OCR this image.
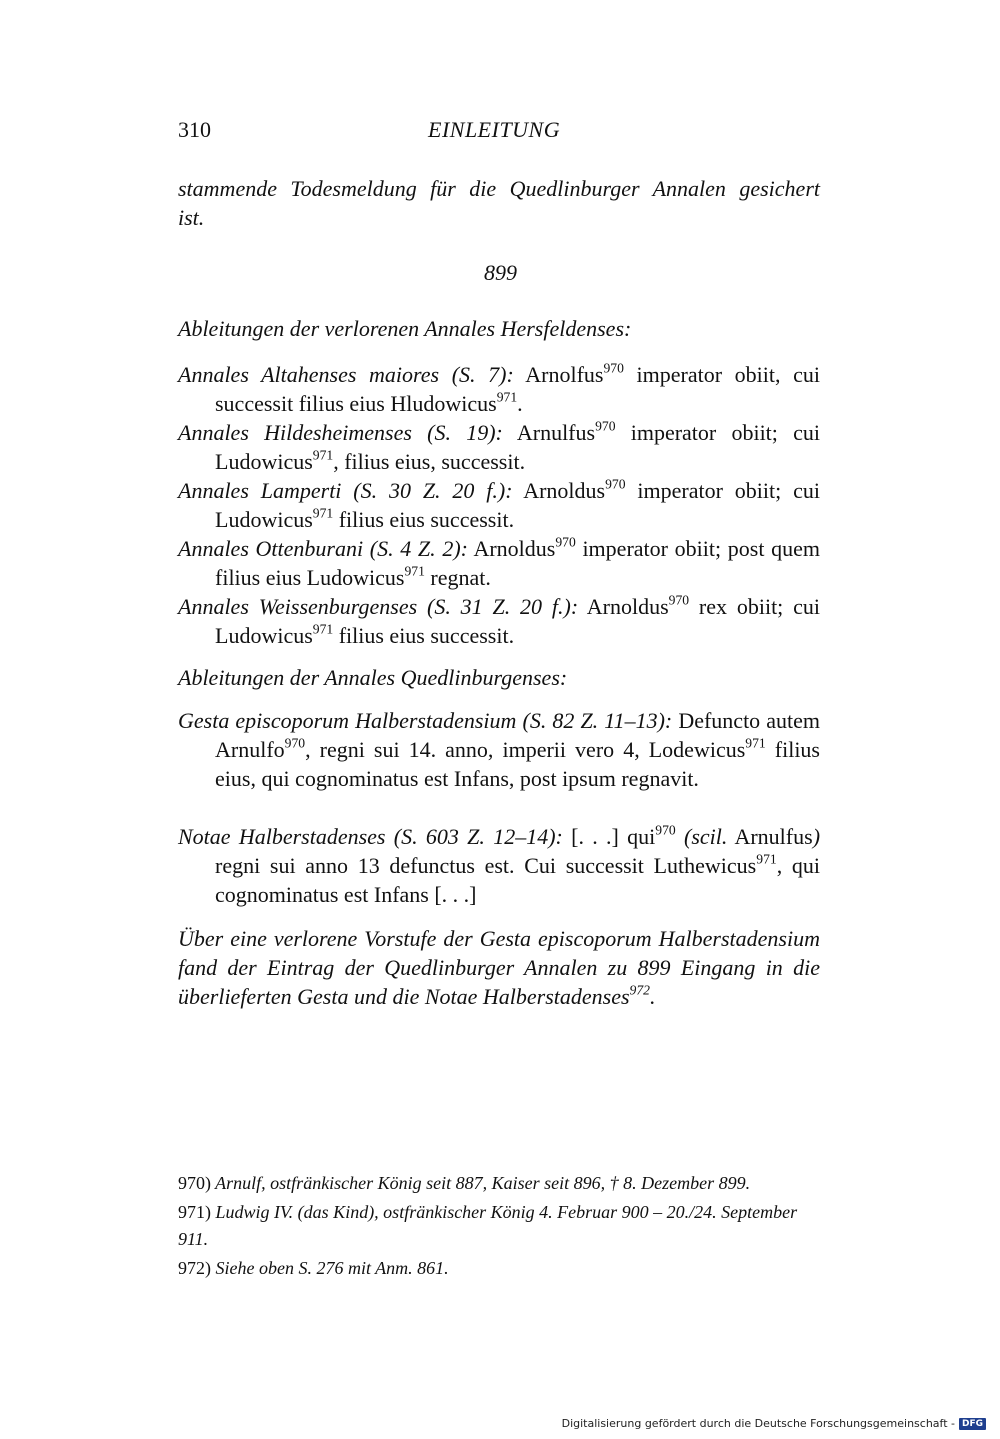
310	EINLEITUNG
stammende Todesmeldung für die Quedlinburger Annalen gesichert
ist.
899
Ableitungen der verlorenen Annales Hersfeldenses:
Annales Altahenses maiores (S. 7): Arnolfus$^{970}$ imperator obiit, cui successit filius eius Hludowicus$^{971}$.
Annales Hildesheimenses (S. 19): Arnulfus$^{970}$ imperator obiit; cui Ludowicus$^{971}$, filius eius, successit.
Annales Lamperti (S. 30 Z. 20 f.): Arnoldus$^{970}$ imperator obiit; cui Ludowicus$^{971}$ filius eius successit.
Annales Ottenburani (S. 4 Z. 2): Arnoldus$^{970}$ imperator obiit; post quem filius eius Ludowicus$^{971}$ regnat.
Annales Weissenburgenses (S. 31 Z. 20 f.): Arnoldus$^{970}$ rex obiit; cui Ludowicus$^{971}$ filius eius successit.
Ableitungen der Annales Quedlinburgenses:
Gesta episcoporum Halberstadensium (S. 82 Z. 11–13): Defuncto autem Arnulfo$^{970}$, regni sui 14. anno, imperii vero 4, Lodewicus$^{971}$ filius eius, qui cognominatus est Infans, post ipsum regnavit.
Notae Halberstadenses (S. 603 Z. 12–14): [. . .] qui$^{970}$ (scil. Arnulfus) regni sui anno 13 defunctus est. Cui successit Luthewicus$^{971}$, qui cognominatus est Infans [. . .]
Über eine verlorene Vorstufe der Gesta episcoporum Halberstadensium fand der Eintrag der Quedlinburger Annalen zu 899 Eingang in die überlieferten Gesta und die Notae Halberstadenses$^{972}$.
970) Arnulf, ostfränkischer König seit 887, Kaiser seit 896, † 8. Dezember 899.
971) Ludwig IV. (das Kind), ostfränkischer König 4. Februar 900 – 20./24. September 911.
972) Siehe oben S. 276 mit Anm. 861.
Digitalisierung gefördert durch die Deutsche Forschungsgemeinschaft - DFG
